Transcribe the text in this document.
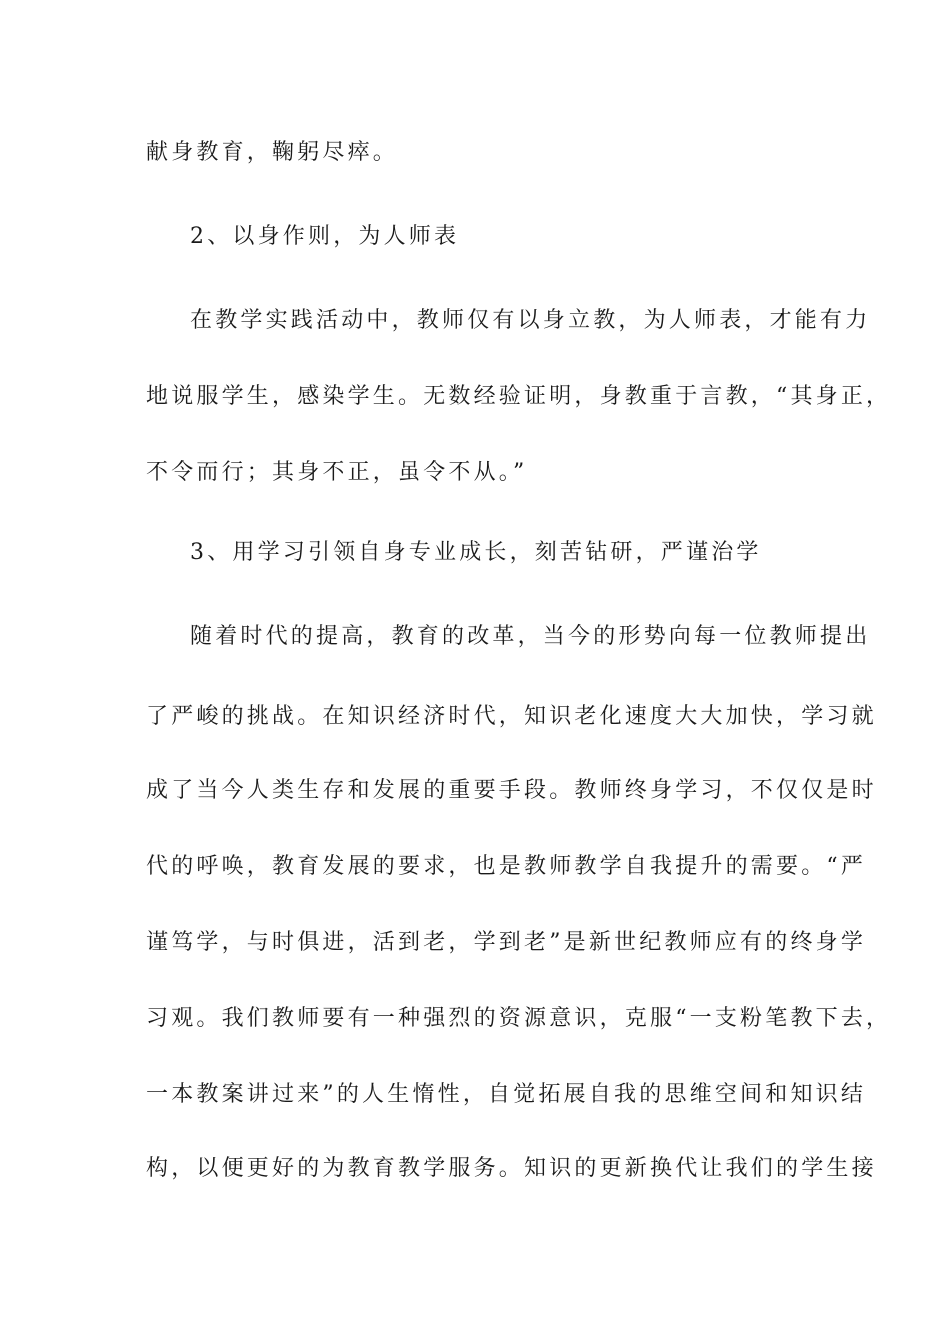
献身教育，鞠躬尽瘁。
2、以身作则，为人师表
在教学实践活动中，教师仅有以身立教，为人师表，才能有力
地说服学生，感染学生。无数经验证明，身教重于言教，“其身正，
不令而行；其身不正，虽令不从。”
3、用学习引领自身专业成长，刻苦钻研，严谨治学
随着时代的提高，教育的改革，当今的形势向每一位教师提出
了严峻的挑战。在知识经济时代，知识老化速度大大加快，学习就
成了当今人类生存和发展的重要手段。教师终身学习，不仅仅是时
代的呼唤，教育发展的要求，也是教师教学自我提升的需要。“严
谨笃学，与时俱进，活到老，学到老”是新世纪教师应有的终身学
习观。我们教师要有一种强烈的资源意识，克服“一支粉笔教下去，
一本教案讲过来”的人生惰性，自觉拓展自我的思维空间和知识结
构，以便更好的为教育教学服务。知识的更新换代让我们的学生接
